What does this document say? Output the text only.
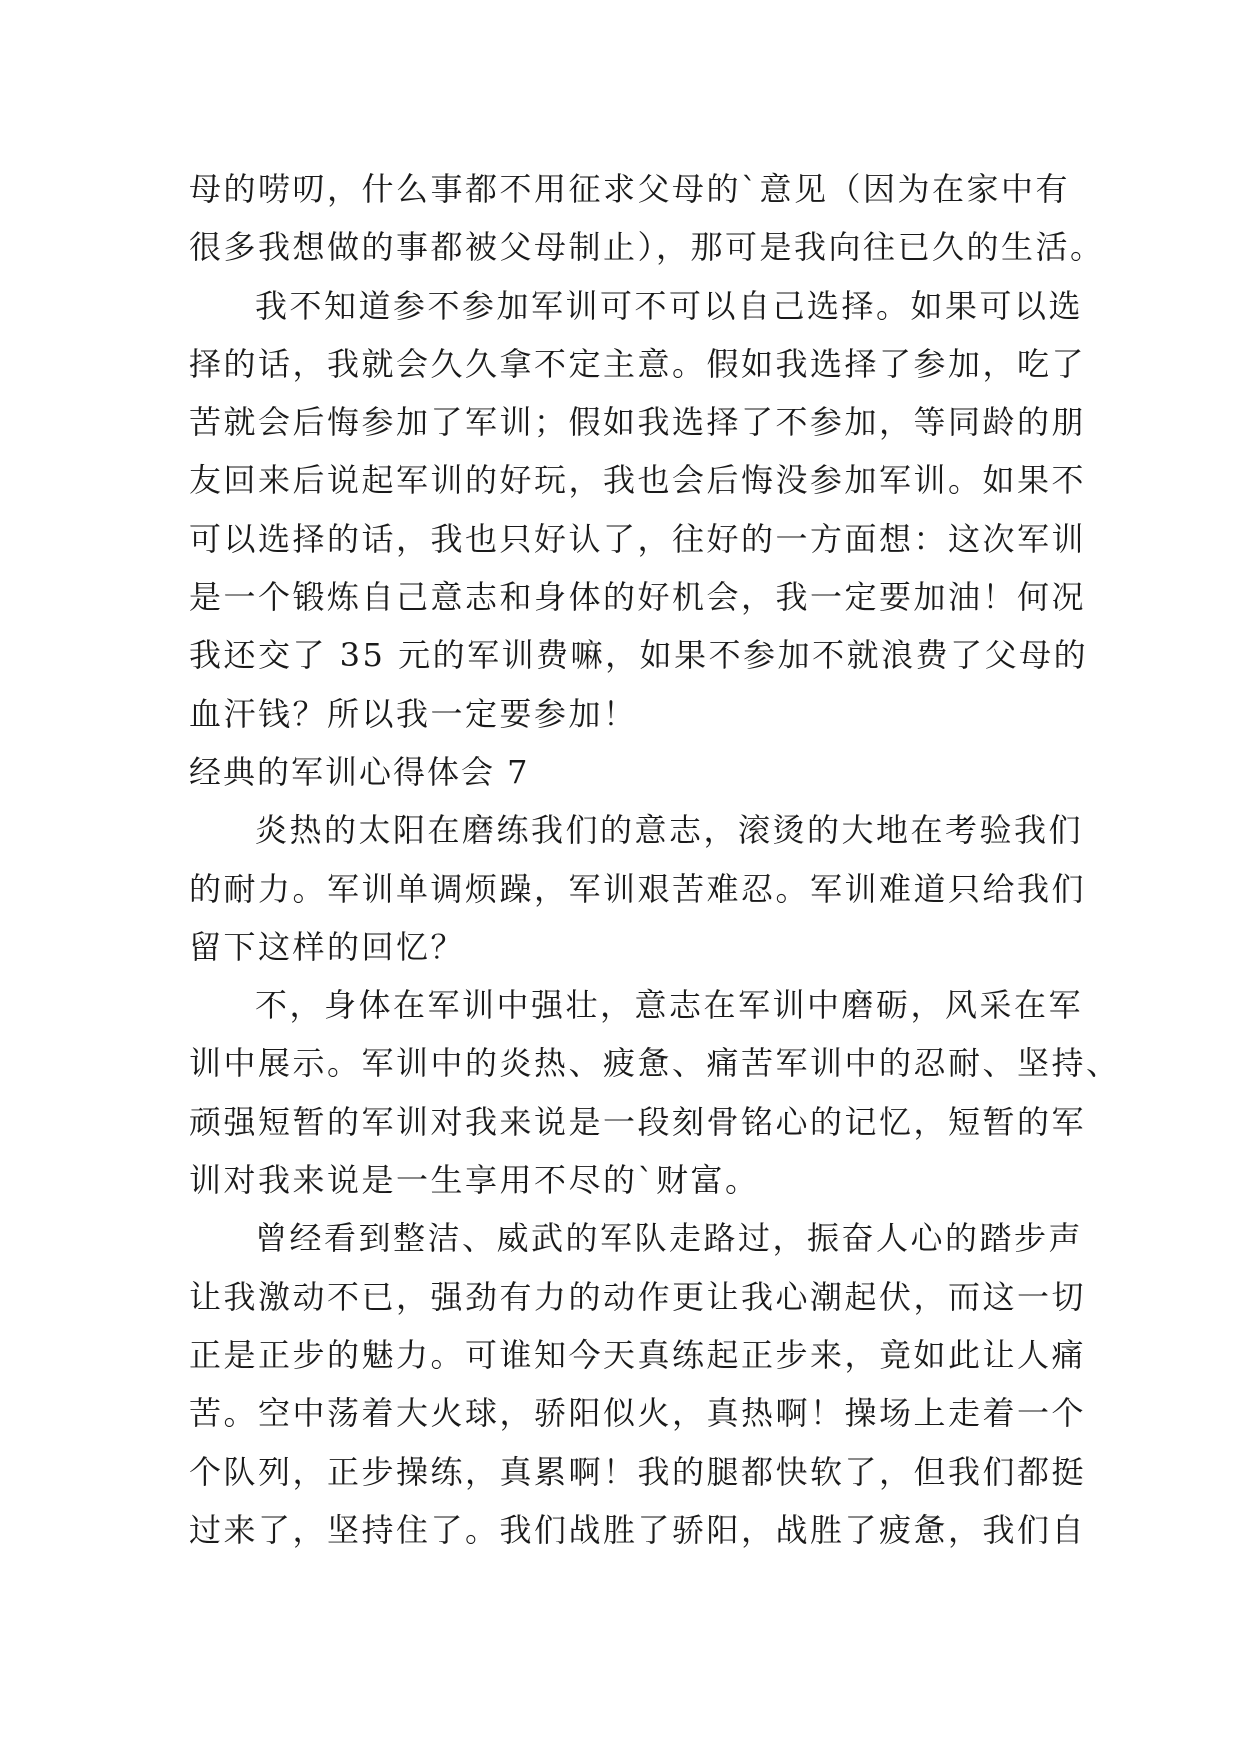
母的唠叨，什么事都不用征求父母的`意见（因为在家中有
很多我想做的事都被父母制止），那可是我向往已久的生活。
我不知道参不参加军训可不可以自己选择。如果可以选
择的话，我就会久久拿不定主意。假如我选择了参加，吃了
苦就会后悔参加了军训；假如我选择了不参加，等同龄的朋
友回来后说起军训的好玩，我也会后悔没参加军训。如果不
可以选择的话，我也只好认了，往好的一方面想：这次军训
是一个锻炼自己意志和身体的好机会，我一定要加油！何况
我还交了 35 元的军训费嘛，如果不参加不就浪费了父母的
血汗钱？所以我一定要参加！
经典的军训心得体会 7
炎热的太阳在磨练我们的意志，滚烫的大地在考验我们
的耐力。军训单调烦躁，军训艰苦难忍。军训难道只给我们
留下这样的回忆？
不，身体在军训中强壮，意志在军训中磨砺，风采在军
训中展示。军训中的炎热、疲惫、痛苦军训中的忍耐、坚持、
顽强短暂的军训对我来说是一段刻骨铭心的记忆，短暂的军
训对我来说是一生享用不尽的`财富。
曾经看到整洁、威武的军队走路过，振奋人心的踏步声
让我激动不已，强劲有力的动作更让我心潮起伏，而这一切
正是正步的魅力。可谁知今天真练起正步来，竟如此让人痛
苦。空中荡着大火球，骄阳似火，真热啊！操场上走着一个
个队列，正步操练，真累啊！我的腿都快软了，但我们都挺
过来了，坚持住了。我们战胜了骄阳，战胜了疲惫，我们自
